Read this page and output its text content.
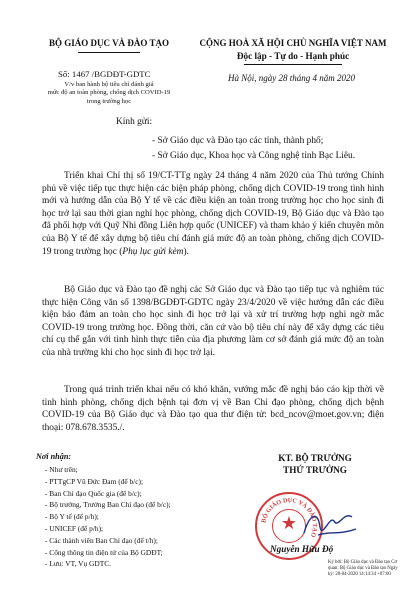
BỘ GIÁO DỤC VÀ ĐÀO TẠO
Số: 1467 /BGDĐT-GDTC
V/v ban hành bộ tiêu chí đánh giá
mức độ an toàn phòng, chống dịch COVID-19
trong trường học
CỘNG HOÀ XÃ HỘI CHỦ NGHĨA VIỆT NAM
Độc lập - Tự do - Hạnh phúc
Hà Nội, ngày 28 tháng 4 năm 2020
Kính gửi:
- Sở Giáo dục và Đào tạo các tỉnh, thành phố;
- Sở Giáo dục, Khoa học và Công nghệ tỉnh Bạc Liêu.

Triển khai Chỉ thị số 19/CT-TTg ngày 24 tháng 4 năm 2020 của Thủ tướng Chính phủ về việc tiếp tục thực hiện các biện pháp phòng, chống dịch COVID-19 trong tình hình mới và hướng dẫn của Bộ Y tế về các điều kiện an toàn trong trường học cho học sinh đi học trở lại sau thời gian nghỉ học phòng, chống dịch COVID-19, Bộ Giáo dục và Đào tạo đã phối hợp với Quỹ Nhi đồng Liên hợp quốc (UNICEF) và tham khảo ý kiến chuyên môn của Bộ Y tế để xây dựng bộ tiêu chí đánh giá mức độ an toàn phòng, chống dịch COVID-19 trong trường học (Phụ lục gửi kèm).

Bộ Giáo dục và Đào tạo đề nghị các Sở Giáo dục và Đào tạo tiếp tục và nghiêm túc thực hiện Công văn số 1398/BGDĐT-GDTC ngày 23/4/2020 về việc hướng dẫn các điều kiện bảo đảm an toàn cho học sinh đi học trở lại và xử trí trường hợp nghi ngờ mắc COVID-19 trong trường học. Đồng thời, căn cứ vào bộ tiêu chí này để xây dựng các tiêu chí cụ thể gắn với tình hình thực tiễn của địa phương làm cơ sở đánh giá mức độ an toàn của nhà trường khi cho học sinh đi học trở lại.

Trong quá trình triển khai nếu có khó khăn, vướng mắc đề nghị báo cáo kịp thời về tình hình phòng, chống dịch bệnh tại đơn vị về Ban Chỉ đạo phòng, chống dịch bệnh COVID-19 của Bộ Giáo dục và Đào tạo qua thư điện tử: bcd_ncov@moet.gov.vn; điện thoại: 078.678.3535./.

Nơi nhận:
- Như trên;
- PTTgCP Vũ Đức Đam (để b/c);
- Ban Chỉ đạo Quốc gia (để b/c);
- Bộ trưởng, Trưởng Ban Chỉ đạo (để b/c);
- Bộ Y tế (để p/h);
- UNICEF (để p/h);
- Các thành viên Ban Chỉ đạo (để t/h);
- Cổng thông tin điện tử của Bộ GDĐT;
- Lưu: VT, Vụ GDTC.
KT. BỘ TRƯỞNG
THỨ TRƯỞNG
BỘ GIÁO DỤC VÀ ĐÀO TẠO
★
Nguyễn Hữu Độ
Ký bởi: Bộ Giáo dục và Đào tạo Cơ quan: Bộ Giáo dục và Đào tạo Ngày ký: 28-04-2020 14:14:34 +07:00
